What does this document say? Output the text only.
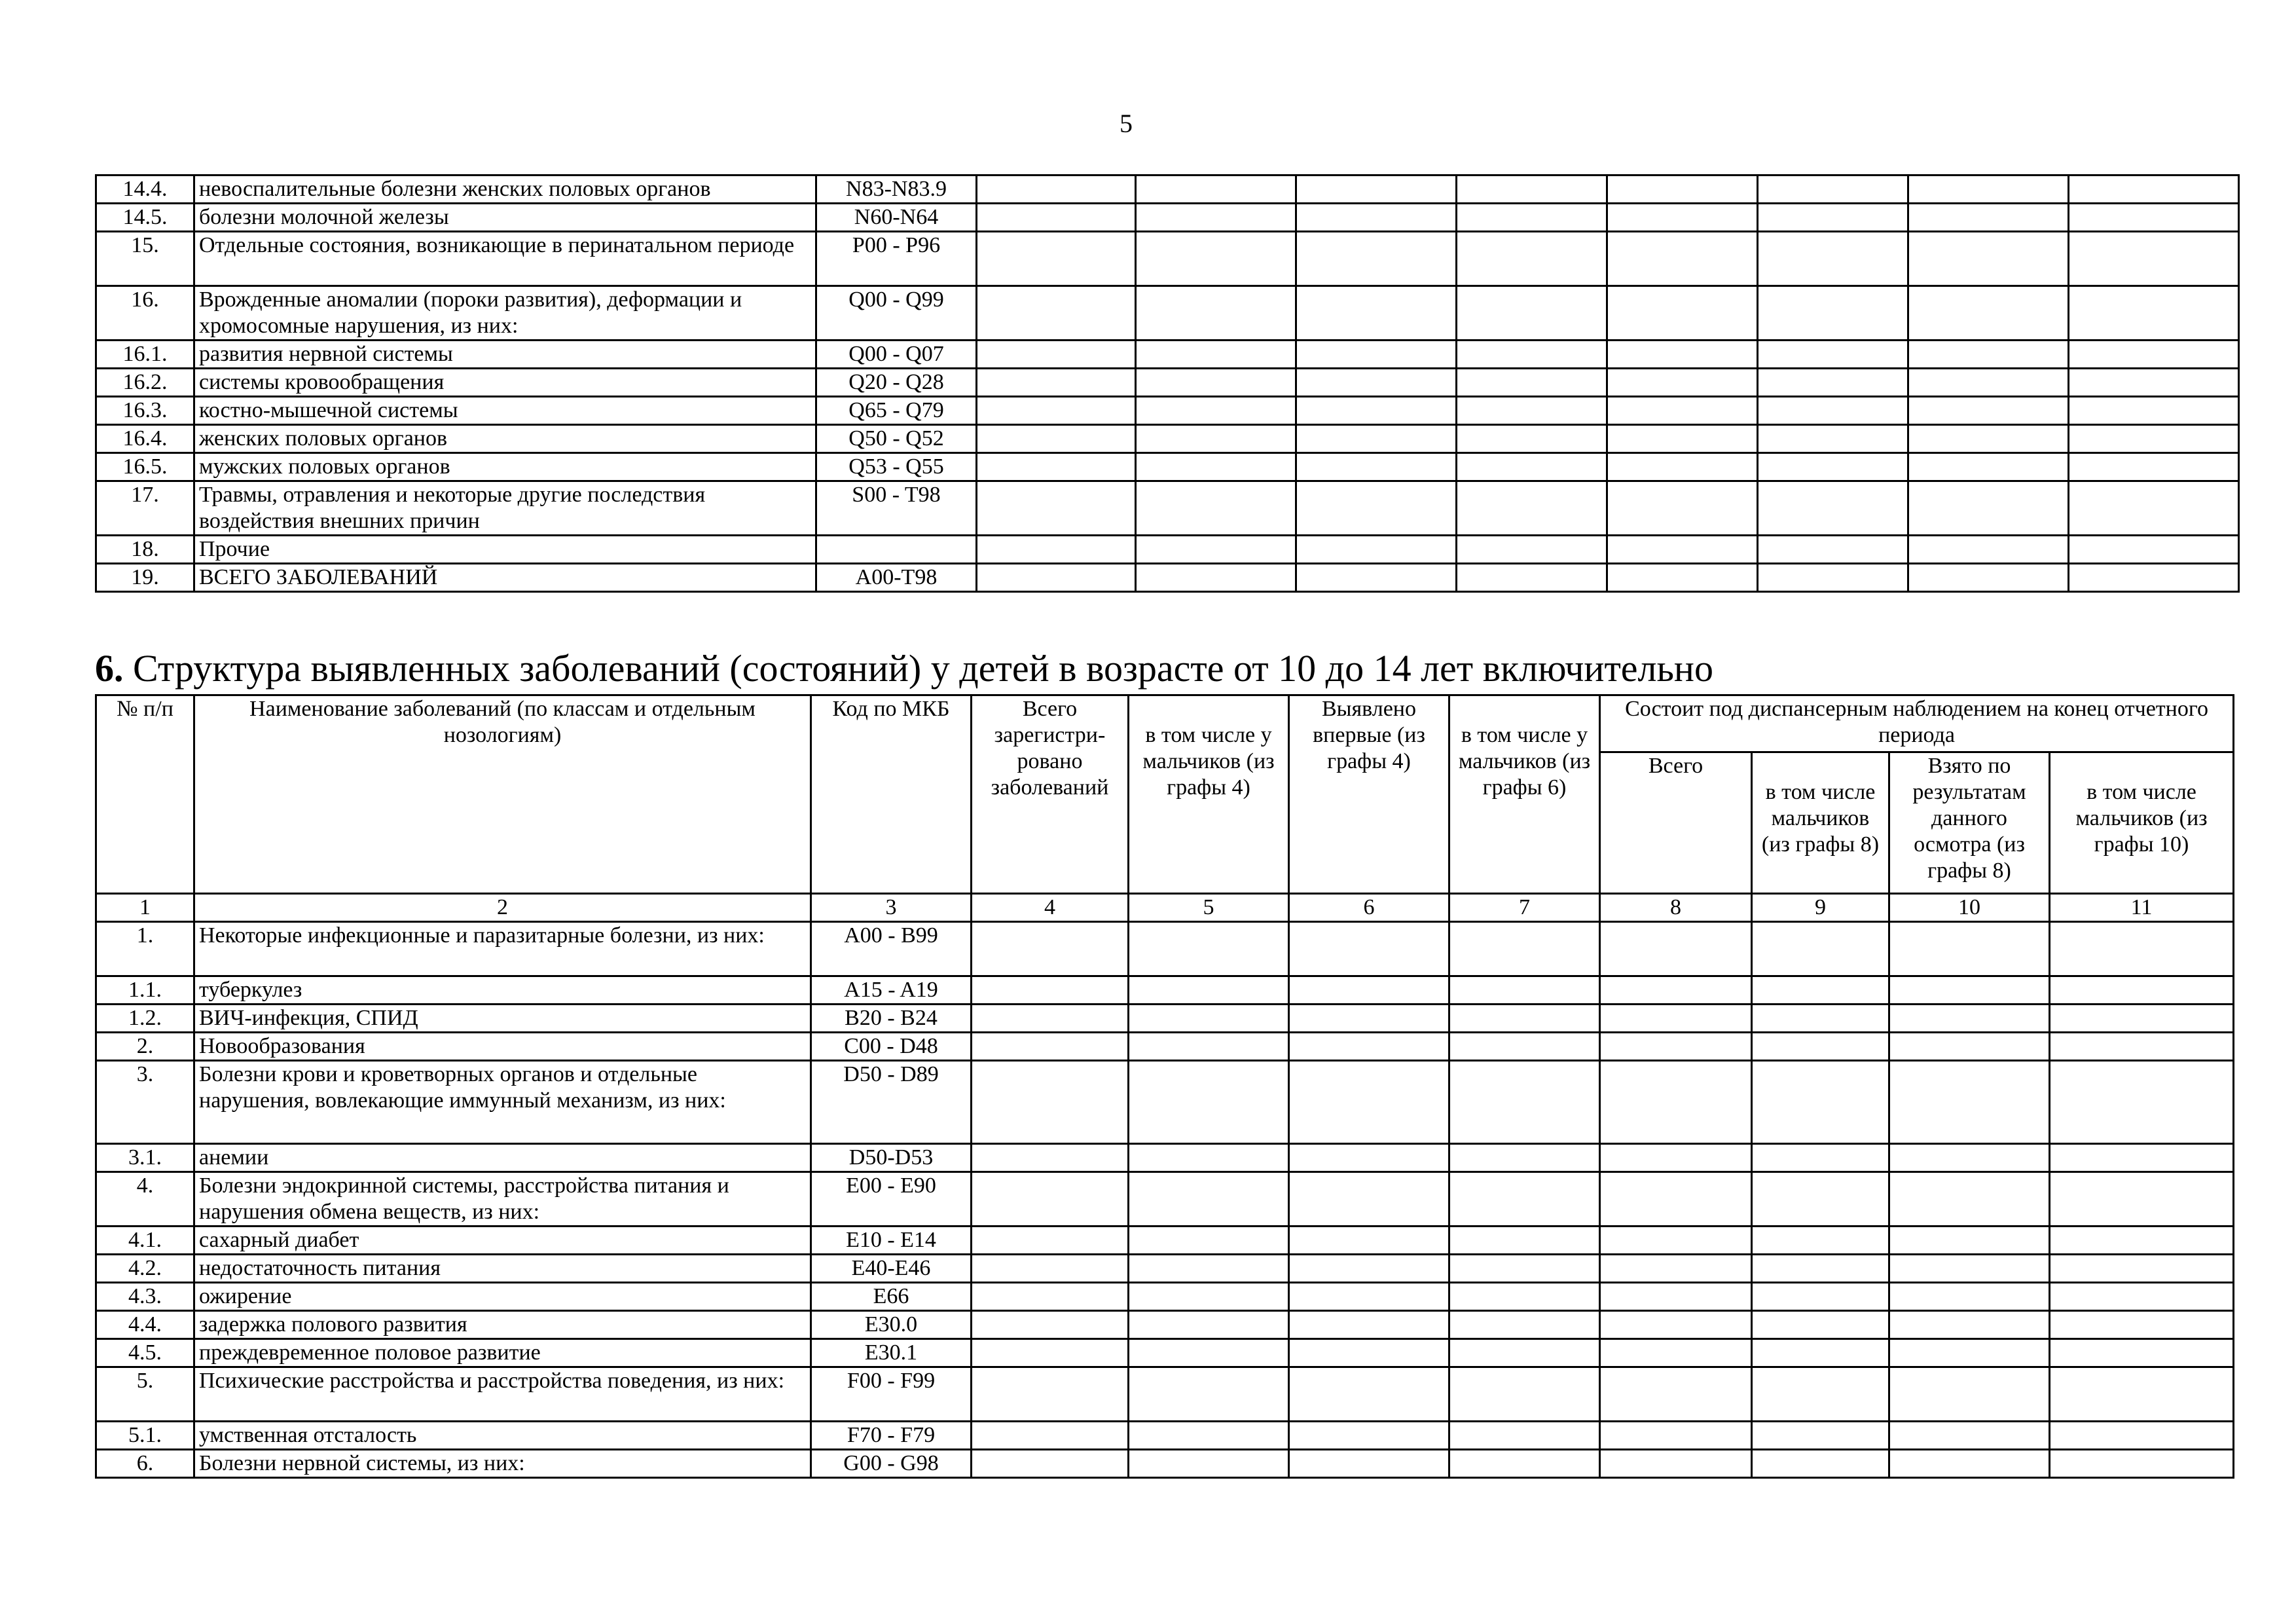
5
14.4.	невоспалительные болезни женских половых органов	N83-N83.9								
14.5.	болезни молочной железы	N60-N64								
15.	Отдельные состояния, возникающие в перинатальном периоде	P00 - P96								
16.	Врожденные аномалии (пороки развития), деформации и хромосомные нарушения, из них:	Q00 - Q99								
16.1.	развития нервной системы	Q00 - Q07								
16.2.	системы кровообращения	Q20 - Q28								
16.3.	костно-мышечной системы	Q65 - Q79								
16.4.	женских половых органов	Q50 - Q52								
16.5.	мужских половых органов	Q53 - Q55								
17.	Травмы, отравления и некоторые другие последствия воздействия внешних причин	S00 - T98								
18.	Прочие									
19.	ВСЕГО ЗАБОЛЕВАНИЙ	A00-T98								
6. Структура выявленных заболеваний (состояний) у детей в возрасте от 10 до 14 лет включительно
№ п/п	Наименование заболеваний (по классам и отдельным нозологиям)	Код по МКБ	Всего зарегистри-ровано заболеваний	в том числе у мальчиков (из графы 4)	Выявлено впервые (из графы 4)	в том числе у мальчиков (из графы 6)	Состоит под диспансерным наблюдением на конец отчетного периода			
							Всего	в том числе мальчиков (из графы 8)	Взято по результатам данного осмотра (из графы 8)	в том числе мальчиков (из графы 10)

1	2	3	4	5	6	7	8	9	10	11
1.	Некоторые инфекционные и паразитарные болезни, из них:	A00 - B99								
1.1.	туберкулез	A15 - A19								
1.2.	ВИЧ-инфекция, СПИД	B20 - B24								
2.	Новообразования	C00 - D48								
3.	Болезни крови и кроветворных органов и отдельные нарушения, вовлекающие иммунный механизм, из них:	D50 - D89								
3.1.	анемии	D50-D53								
4.	Болезни эндокринной системы, расстройства питания и нарушения обмена веществ, из них:	E00 - E90								
4.1.	сахарный диабет	E10 - E14								
4.2.	недостаточность питания	E40-E46								
4.3.	ожирение	E66								
4.4.	задержка полового развития	E30.0								
4.5.	преждевременное половое развитие	E30.1								
5.	Психические расстройства и расстройства поведения, из них:	F00 - F99								
5.1.	умственная отсталость	F70 - F79								
6.	Болезни нервной системы, из них:	G00 - G98								
